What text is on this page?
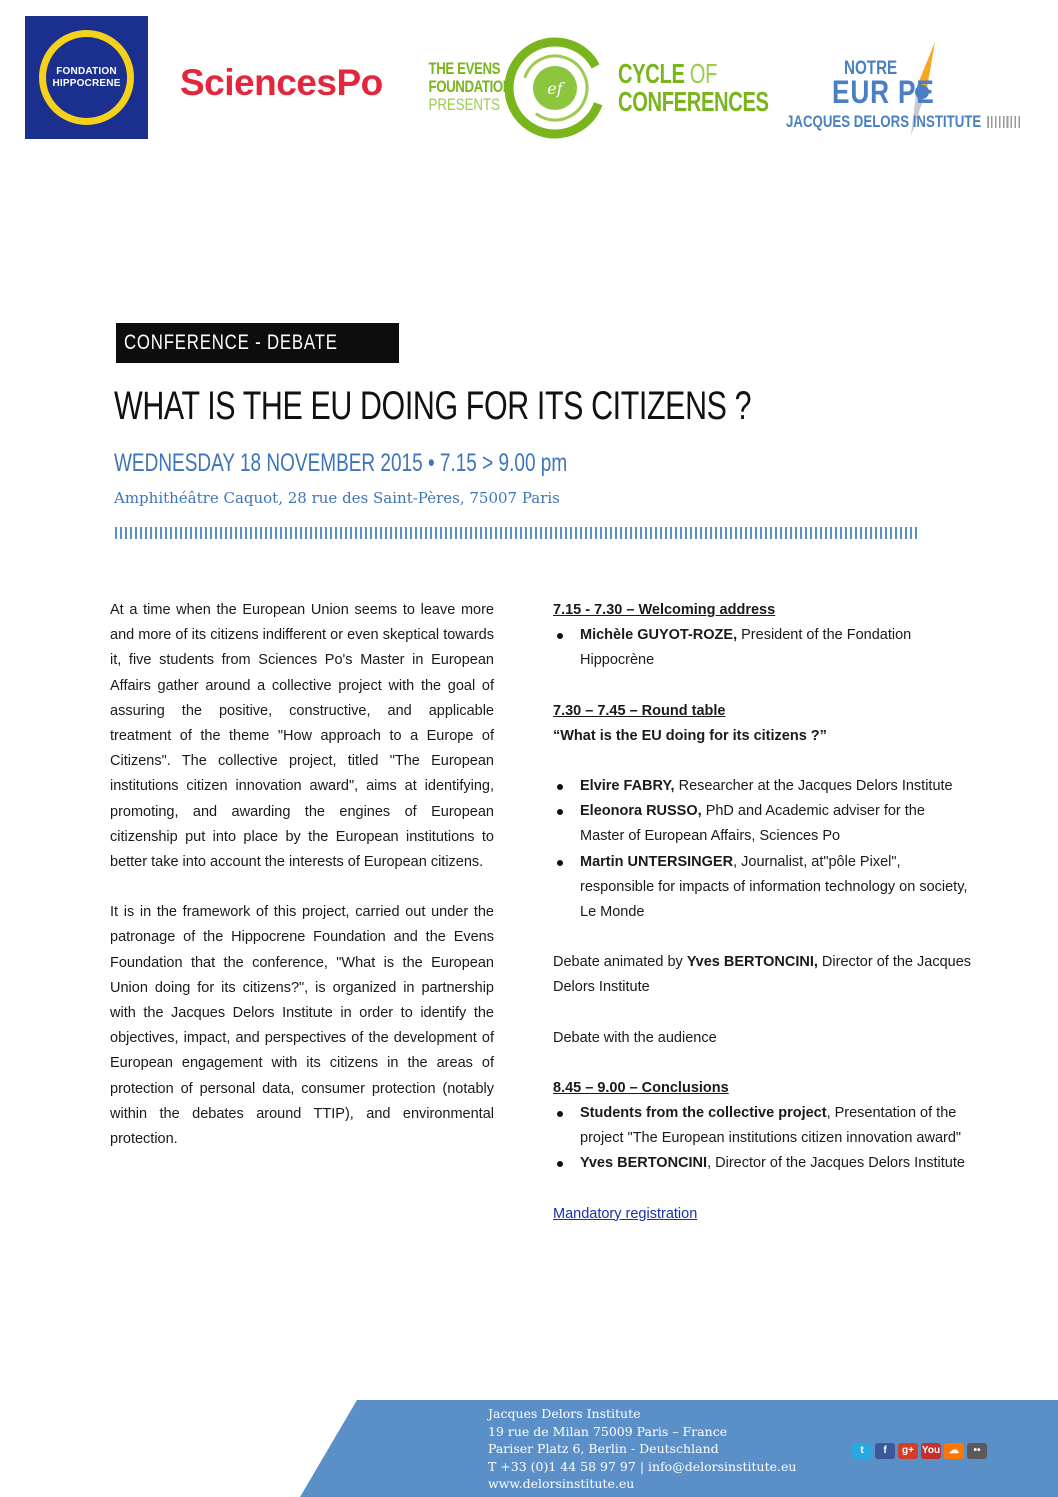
FONDATION
HIPPOCRENE SciencesPo	THE EVENS
FOUNDATION
PRESENTS
ef CYCLE OF
CONFERENCES
NOTRE
EUR PE
JACQUES DELORS INSTITUTE
CONFERENCE - DEBATE
WHAT IS THE EU DOING FOR ITS CITIZENS ?
WEDNESDAY 18 NOVEMBER 2015 • 7.15 > 9.00 pm
Amphithéâtre Caquot, 28 rue des Saint-Pères, 75007 Paris

At a time when the European Union seems to leave more and more of its citizens indifferent or even skeptical towards it, five students from Sciences Po's Master in European Affairs gather around a collective project with the goal of assuring the positive, constructive, and applicable treatment of the theme "How approach to a Europe of Citizens". The collective project, titled "The European institutions citizen innovation award", aims at identifying, promoting, and awarding the engines of European citizenship put into place by the European institutions to better take into account the interests of European citizens.

It is in the framework of this project, carried out under the patronage of the Hippocrene Foundation and the Evens Foundation that the conference, "What is the European Union doing for its citizens?", is organized in partnership with the Jacques Delors Institute in order to identify the objectives, impact, and perspectives of the development of European engagement with its citizens in the areas of protection of personal data, consumer protection (notably within the debates around TTIP), and environmental protection.

7.15 - 7.30 – Welcoming address
Michèle GUYOT-ROZE, President of the Fondation Hippocrène
7.30 – 7.45 – Round table
“What is the EU doing for its citizens ?”
Elvire FABRY, Researcher at the Jacques Delors Institute
Eleonora RUSSO, PhD and Academic adviser for the Master of European Affairs, Sciences Po
Martin UNTERSINGER, Journalist, at"pôle Pixel", responsible for impacts of information technology on society, Le Monde
Debate animated by Yves BERTONCINI, Director of the Jacques Delors Institute
Debate with the audience
8.45 – 9.00 – Conclusions
Students from the collective project, Presentation of the project "The European institutions citizen innovation award"
Yves BERTONCINI, Director of the Jacques Delors Institute
Mandatory registration
Jacques Delors Institute
19 rue de Milan 75009 Paris – France
Pariser Platz 6, Berlin - Deutschland
T +33 (0)1 44 58 97 97 | info@delorsinstitute.eu
www.delorsinstitute.eu
t	f	g+ You ☁	••
